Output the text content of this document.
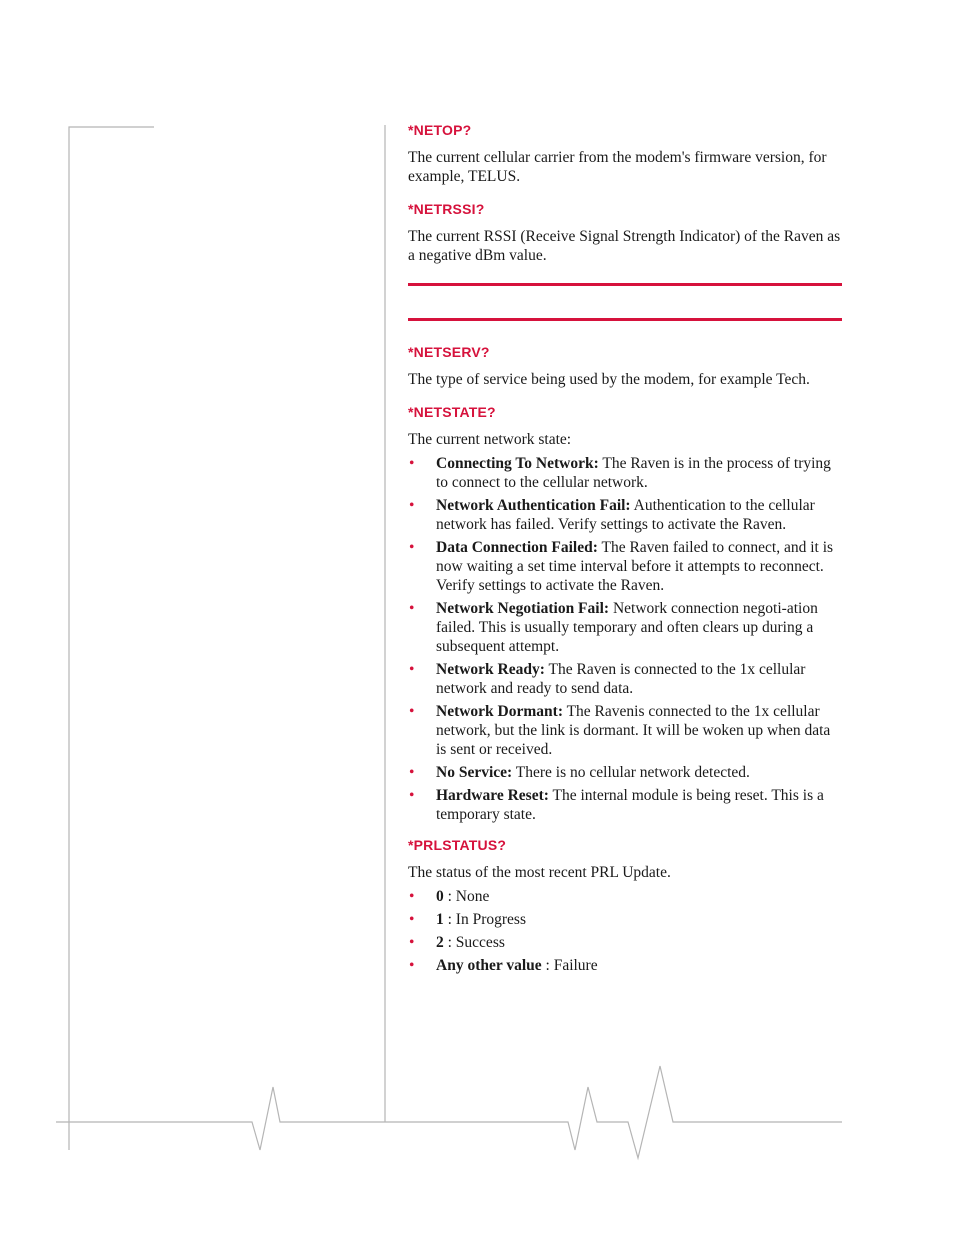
*NETOP?

The current cellular carrier from the modem's firmware version, for example, TELUS.

*NETRSSI?

The current RSSI (Receive Signal Strength Indicator) of the Raven as a negative dBm value.

*NETSERV?

The type of service being used by the modem, for example Tech.

*NETSTATE?

The current network state:

• Connecting To Network: The Raven is in the process of trying to connect to the cellular network.
• Network Authentication Fail: Authentication to the cellular network has failed. Verify settings to activate the Raven.
• Data Connection Failed: The Raven failed to connect, and it is now waiting a set time interval before it attempts to reconnect. Verify settings to activate the Raven.
• Network Negotiation Fail: Network connection negoti-ation failed. This is usually temporary and often clears up during a subsequent attempt.
• Network Ready: The Raven is connected to the 1x cellular network and ready to send data.
• Network Dormant: The Ravenis connected to the 1x cellular network, but the link is dormant. It will be woken up when data is sent or received.
• No Service: There is no cellular network detected.
• Hardware Reset: The internal module is being reset. This is a temporary state.
*PRLSTATUS?

The status of the most recent PRL Update.

• 0 : None
• 1 : In Progress
• 2 : Success
• Any other value : Failure
